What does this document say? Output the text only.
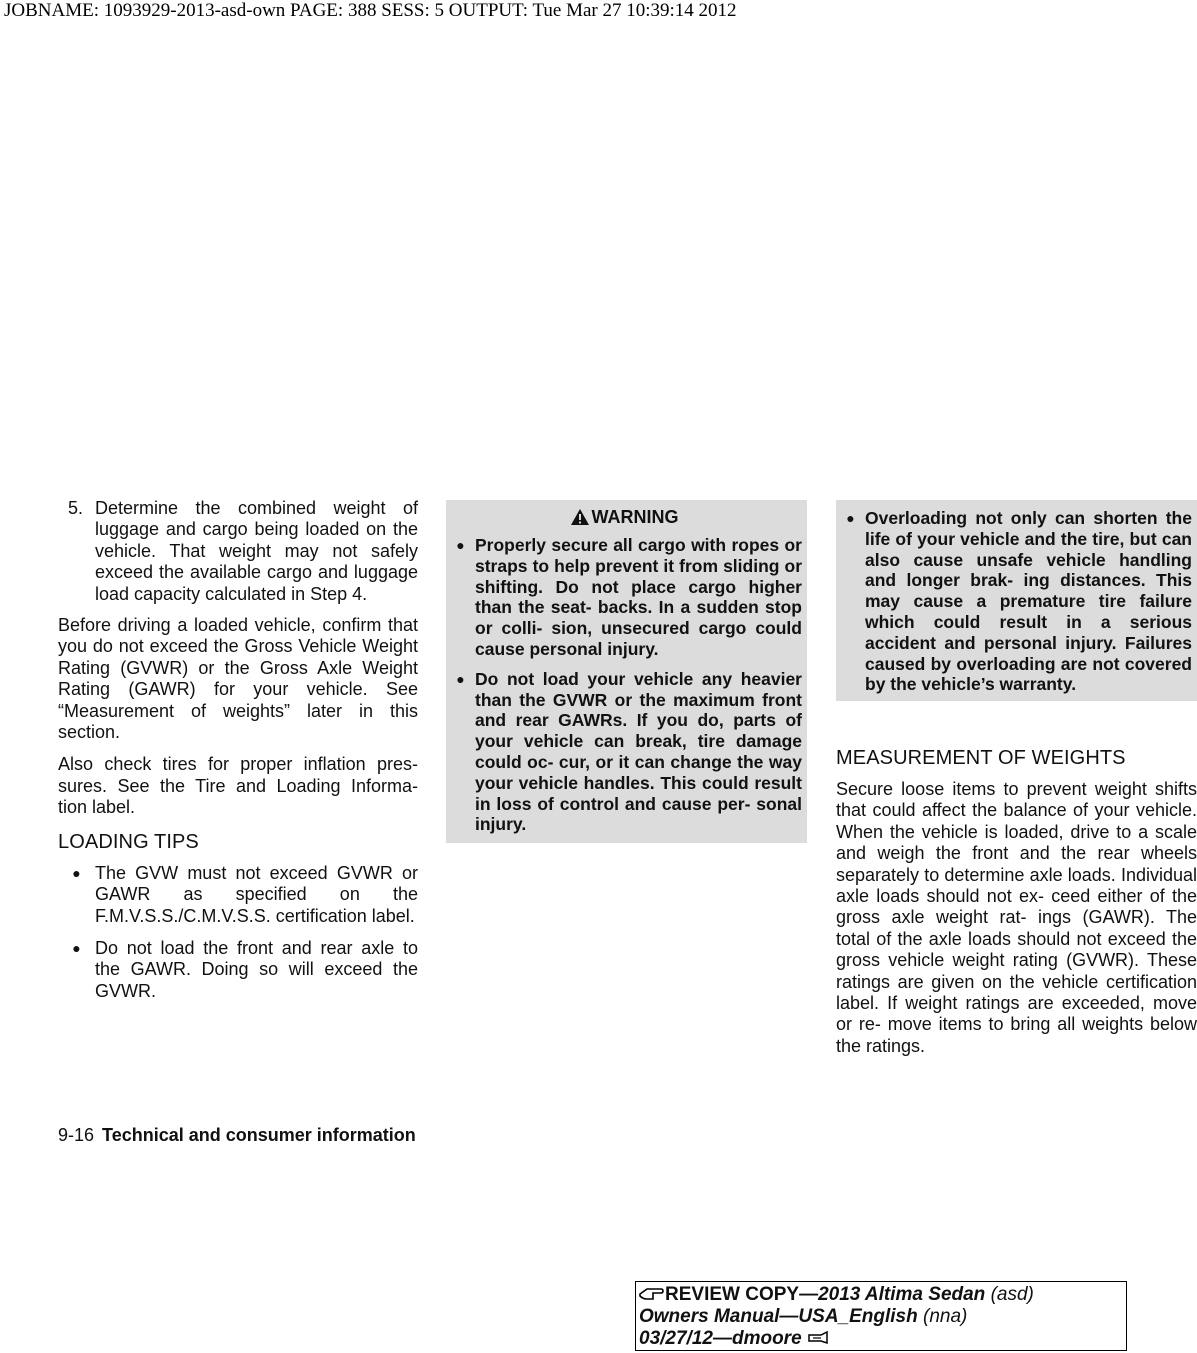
JOBNAME: 1093929-2013-asd-own PAGE: 388 SESS: 5 OUTPUT: Tue Mar 27 10:39:14 2012
5. Determine the combined weight of luggage and cargo being loaded on the vehicle. That weight may not safely exceed the available cargo and luggage load capacity calculated in Step 4.

Before driving a loaded vehicle, confirm that you do not exceed the Gross Vehicle Weight Rating (GVWR) or the Gross Axle Weight Rating (GAWR) for your vehicle. See “Measurement of weights” later in this section.

Also check tires for proper inflation pres- sures. See the Tire and Loading Informa- tion label.

LOADING TIPS
● The GVW must not exceed GVWR or GAWR as specified on the F.M.V.S.S./C.M.V.S.S. certification label.

● Do not load the front and rear axle to the GAWR. Doing so will exceed the GVWR.

WARNING
● Properly secure all cargo with ropes or straps to help prevent it from sliding or shifting. Do not place cargo higher than the seat- backs. In a sudden stop or colli- sion, unsecured cargo could cause personal injury.

● Do not load your vehicle any heavier than the GVWR or the maximum front and rear GAWRs. If you do, parts of your vehicle can break, tire damage could oc- cur, or it can change the way your vehicle handles. This could result in loss of control and cause per- sonal injury.

● Overloading not only can shorten the life of your vehicle and the tire, but can also cause unsafe vehicle handling and longer brak- ing distances. This may cause a premature tire failure which could result in a serious accident and personal injury. Failures caused by overloading are not covered by the vehicle’s warranty.

MEASUREMENT OF WEIGHTS

Secure loose items to prevent weight shifts that could affect the balance of your vehicle. When the vehicle is loaded, drive to a scale and weigh the front and the rear wheels separately to determine axle loads. Individual axle loads should not ex- ceed either of the gross axle weight rat- ings (GAWR). The total of the axle loads should not exceed the gross vehicle weight rating (GVWR). These ratings are given on the vehicle certification label. If weight ratings are exceeded, move or re- move items to bring all weights below the ratings.

9-16 Technical and consumer information
REVIEW COPY—2013 Altima Sedan (asd)
Owners Manual—USA_English (nna)
03/27/12—dmoore
